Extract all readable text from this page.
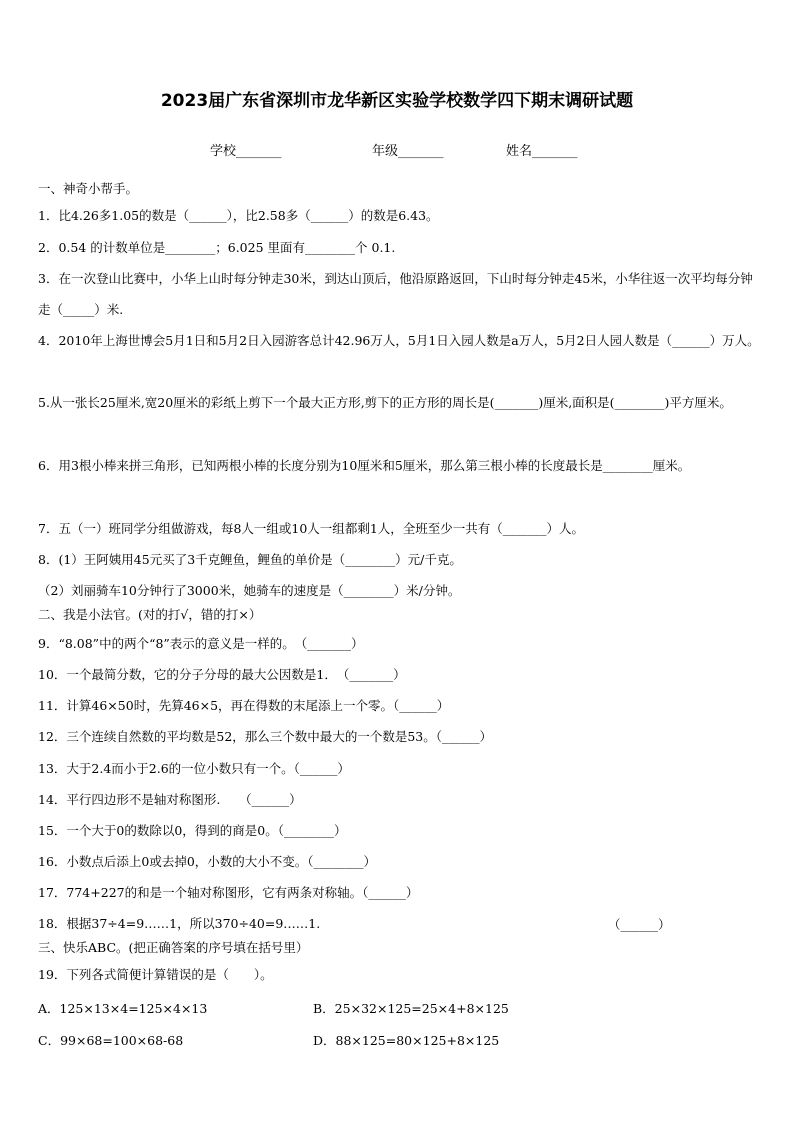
2023届广东省深圳市龙华新区实验学校数学四下期末调研试题
学校_______	年级_______	姓名_______
一、神奇小帮手。
1．比4.26多1.05的数是（______），比2.58多（______）的数是6.43。
2．0.54 的计数单位是________；6.025 里面有________个 0.1.
3．在一次登山比赛中，小华上山时每分钟走30米，到达山顶后，他沿原路返回，下山时每分钟走45米，小华往返一次平均每分钟走（_____）米.
4．2010年上海世博会5月1日和5月2日入园游客总计42.96万人，5月1日入园人数是a万人，5月2日人园人数是（______）万人。
5.从一张长25厘米,宽20厘米的彩纸上剪下一个最大正方形,剪下的正方形的周长是(_______)厘米,面积是(________)平方厘米。
6．用3根小棒来拼三角形，已知两根小棒的长度分别为10厘米和5厘米，那么第三根小棒的长度最长是________厘米。
7．五（一）班同学分组做游戏，每8人一组或10人一组都剩1人，全班至少一共有（_______）人。
8．(1）王阿姨用45元买了3千克鲤鱼，鲤鱼的单价是（________）元/千克。
（2）刘丽骑车10分钟行了3000米，她骑车的速度是（________）米/分钟。
二、我是小法官。(对的打√，错的打×）
9．“8.08”中的两个“8”表示的意义是一样的。　（_______）
10．一个最简分数，它的分子分母的最大公因数是1．　（_______）
11．计算46×50时，先算46×5，再在得数的末尾添上一个零。（______）
12．三个连续自然数的平均数是52，那么三个数中最大的一个数是53。（______）
13．大于2.4而小于2.6的一位小数只有一个。（______）
14．平行四边形不是轴对称图形.　　（______）
15．一个大于0的数除以0，得到的商是0。（________）
16．小数点后添上0或去掉0，小数的大小不变。（________）
17．774+227的和是一个轴对称图形，它有两条对称轴。（______）
18．根据37÷4=9……1，所以370÷40=9……1.	（______）
三、快乐ABC。(把正确答案的序号填在括号里）
19．下列各式简便计算错误的是（　　）。
A．125×13×4=125×4×13	B．25×32×125=25×4+8×125
C．99×68=100×68-68	D．88×125=80×125+8×125
